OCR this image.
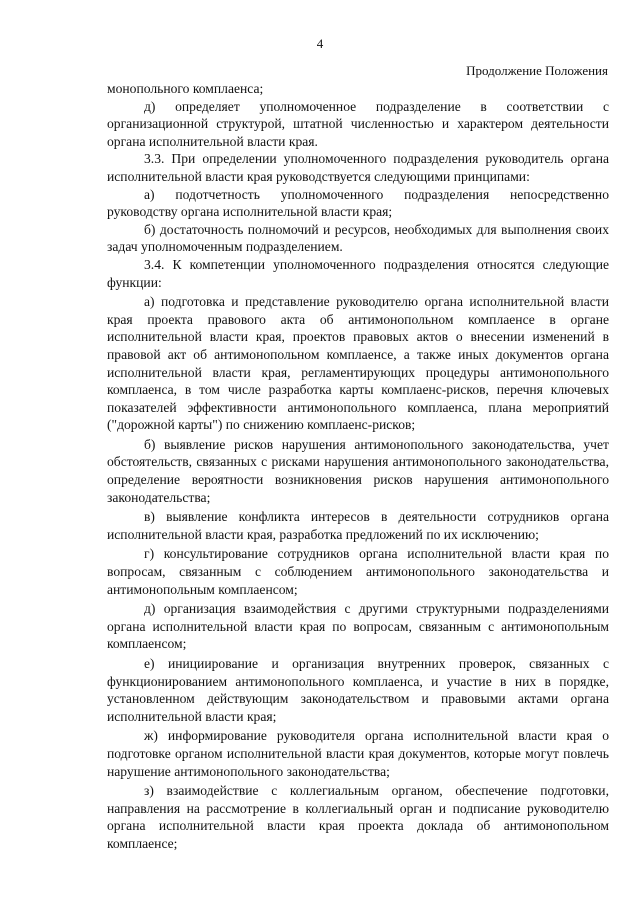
4
Продолжение Положения

монопольного комплаенса;

д) определяет уполномоченное подразделение в соответствии с организационной структурой, штатной численностью и характером деятельности органа исполнительной власти края.

3.3. При определении уполномоченного подразделения руководитель органа исполнительной власти края руководствуется следующими принципами:

а) подотчетность уполномоченного подразделения непосредственно руководству органа исполнительной власти края;

б) достаточность полномочий и ресурсов, необходимых для выполнения своих задач уполномоченным подразделением.

3.4. К компетенции уполномоченного подразделения относятся следующие функции:

а) подготовка и представление руководителю органа исполнительной власти края проекта правового акта об антимонопольном комплаенсе в органе исполнительной власти края, проектов правовых актов о внесении изменений в правовой акт об антимонопольном комплаенсе, а также иных документов органа исполнительной власти края, регламентирующих процедуры антимонопольного комплаенса, в том числе разработка карты комплаенс-рисков, перечня ключевых показателей эффективности антимонопольного комплаенса, плана мероприятий ("дорожной карты") по снижению комплаенс-рисков;

б) выявление рисков нарушения антимонопольного законодательства, учет обстоятельств, связанных с рисками нарушения антимонопольного законодательства, определение вероятности возникновения рисков нарушения антимонопольного законодательства;

в) выявление конфликта интересов в деятельности сотрудников органа исполнительной власти края, разработка предложений по их исключению;

г) консультирование сотрудников органа исполнительной власти края по вопросам, связанным с соблюдением антимонопольного законодательства и антимонопольным комплаенсом;

д) организация взаимодействия с другими структурными подразделениями органа исполнительной власти края по вопросам, связанным с антимонопольным комплаенсом;

е) инициирование и организация внутренних проверок, связанных с функционированием антимонопольного комплаенса, и участие в них в порядке, установленном действующим законодательством и правовыми актами органа исполнительной власти края;

ж) информирование руководителя органа исполнительной власти края о подготовке органом исполнительной власти края документов, которые могут повлечь нарушение антимонопольного законодательства;

з) взаимодействие с коллегиальным органом, обеспечение подготовки, направления на рассмотрение в коллегиальный орган и подписание руководителю органа исполнительной власти края проекта доклада об антимонопольном комплаенсе;
